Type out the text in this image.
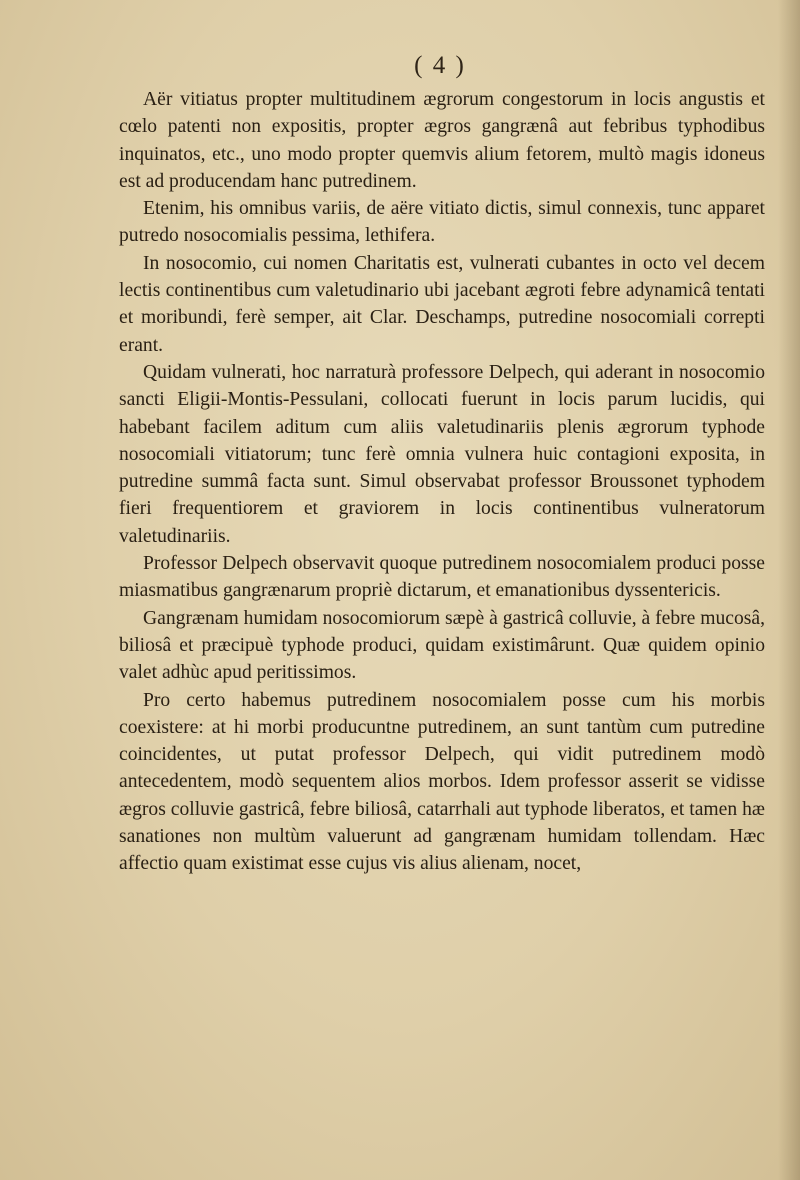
( 4 )

Aër vitiatus propter multitudinem ægrorum congestorum in locis angustis et cœlo patenti non expositis, propter ægros gangrænâ aut febribus typhodibus inquinatos, etc., uno modo propter quemvis alium fetorem, multò magis idoneus est ad producendam hanc putredinem.

Etenim, his omnibus variis, de aëre vitiato dictis, simul connexis, tunc apparet putredo nosocomialis pessima, lethifera.

In nosocomio, cui nomen Charitatis est, vulnerati cubantes in octo vel decem lectis continentibus cum valetudinario ubi jacebant ægroti febre adynamicâ tentati et moribundi, ferè semper, ait Clar. Deschamps, putredine nosocomiali correpti erant.

Quidam vulnerati, hoc narraturà professore Delpech, qui aderant in nosocomio sancti Eligii-Montis-Pessulani, collocati fuerunt in locis parum lucidis, qui habebant facilem aditum cum aliis valetudinariis plenis ægrorum typhode nosocomiali vitiatorum; tunc ferè omnia vulnera huic contagioni exposita, in putredine summâ facta sunt. Simul observabat professor Broussonet typhodem fieri frequentiorem et graviorem in locis continentibus vulneratorum valetudinariis.

Professor Delpech observavit quoque putredinem nosocomialem produci posse miasmatibus gangrænarum propriè dictarum, et emanationibus dyssentericis.

Gangrænam humidam nosocomiorum sæpè à gastricâ colluvie, à febre mucosâ, biliosâ et præcipuè typhode produci, quidam existimârunt. Quæ quidem opinio valet adhùc apud peritissimos.

Pro certo habemus putredinem nosocomialem posse cum his morbis coexistere: at hi morbi producuntne putredinem, an sunt tantùm cum putredine coincidentes, ut putat professor Delpech, qui vidit putredinem modò antecedentem, modò sequentem alios morbos. Idem professor asserit se vidisse ægros colluvie gastricâ, febre biliosâ, catarrhali aut typhode liberatos, et tamen hæ sanationes non multùm valuerunt ad gangrænam humidam tollendam. Hæc affectio quam existimat esse cujus vis alius alienam, nocet,
